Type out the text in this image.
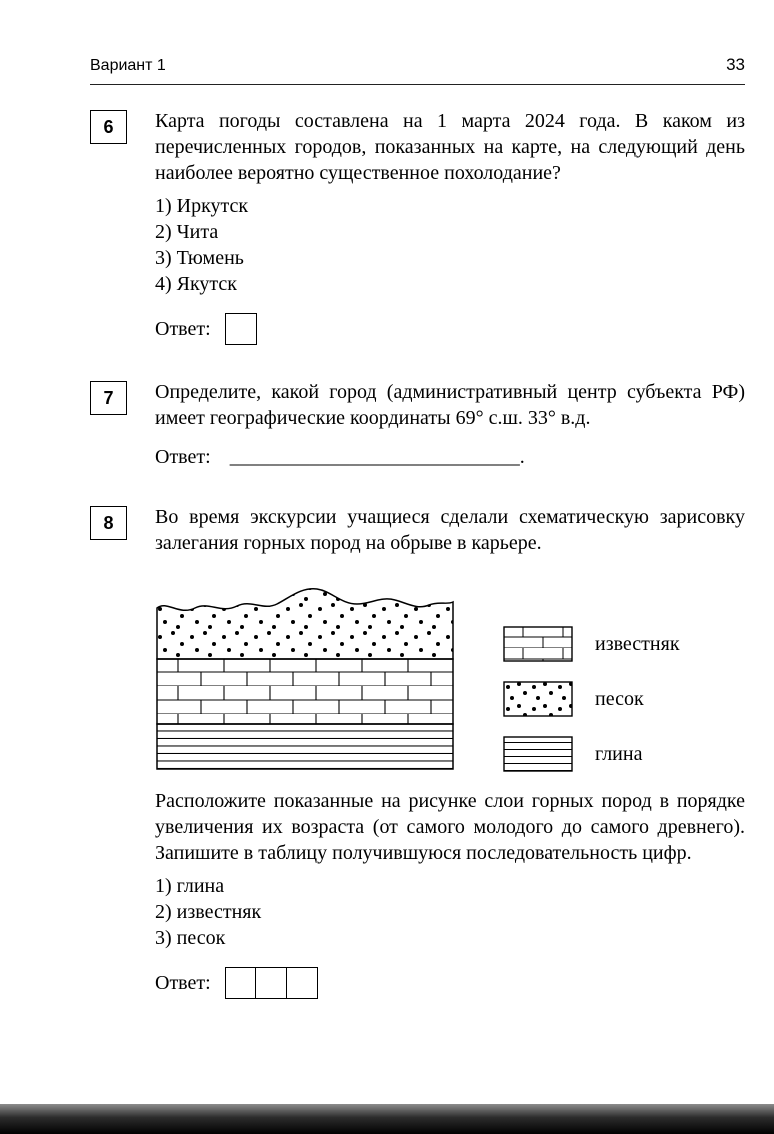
Вариант 1	33
6	Карта погоды составлена на 1 марта 2024 года. В каком из перечисленных городов, показанных на карте, на следующий день наиболее вероятно существенное похолодание?

1) Иркутск
2) Чита
3) Тюмень
4) Якутск
Ответ:
7	Определите, какой город (административный центр субъекта РФ) имеет географические координаты 69° с.ш. 33° в.д.

Ответ: _____________________________.
8	Во время экскурсии учащиеся сделали схематическую зарисовку залегания горных пород на обрыве в карьере.

известняк
песок
глина

Расположите показанные на рисунке слои горных пород в порядке увеличения их возраста (от самого молодого до самого древнего). Запишите в таблицу получившуюся последовательность цифр.

1) глина
2) известняк
3) песок
Ответ:
